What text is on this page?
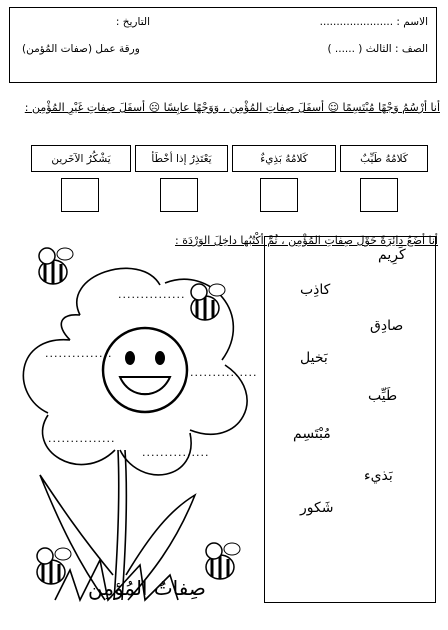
الاسم : ......................
التاريخ :
الصف : الثالث ( ...... )
ورقة عمل (صفات المُؤمن)
أنا أرْسُمُ وَجْهًا مُبْتَسِمًا ☺ أسفَلَ صِفاتِ المُؤْمِن ، وَوَجْهًا عابِسًا ☹ أسفَلَ صِفاتِ غَيْرِ المُؤْمِن :
كَلامُهُ طَيِّبٌ
كَلامُهُ بَذِيءٌ
يَعْتَذِرُ إذا أخْطَأ
يَشْكُرُ الآخَرين
أنا أضَعُ دائِرَةً حَوْلَ صِفاتِ المُؤْمِن ، ثُمَّ أكْتُبُها داخِلَ الوَرْدَة :
كَرِيم
كاذِب
صادِق
بَخيل
طَيِّب
مُبْتَسِم
بَذيء
شَكور
...............
...............
...............
...............
...............
صِفاتُ المُؤمِن
